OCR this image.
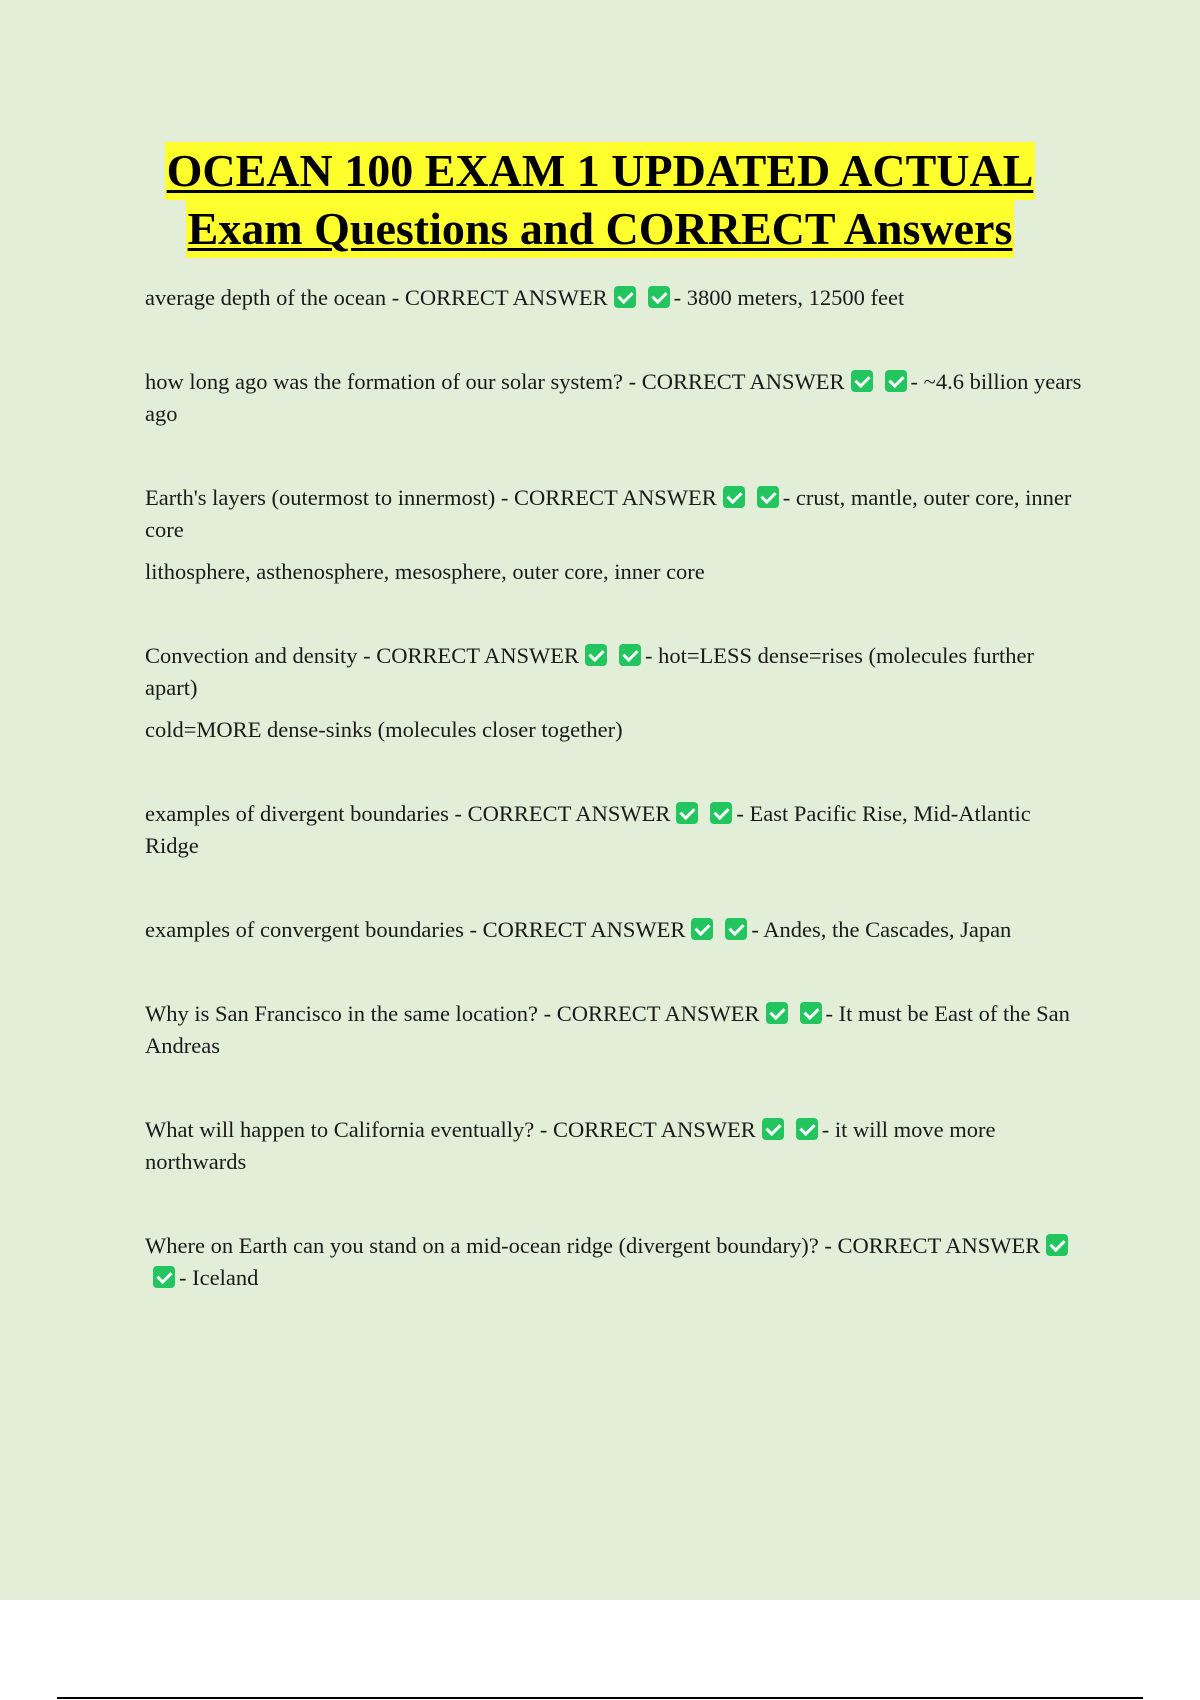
OCEAN 100 EXAM 1 UPDATED ACTUAL
Exam Questions and CORRECT Answers

average depth of the ocean - CORRECT ANSWER	- 3800 meters, 12500 feet

how long ago was the formation of our solar system? - CORRECT ANSWER	- ~4.6 billion years ago

Earth's layers (outermost to innermost) - CORRECT ANSWER	- crust, mantle, outer core, inner core

lithosphere, asthenosphere, mesosphere, outer core, inner core

Convection and density - CORRECT ANSWER	- hot=LESS dense=rises (molecules further apart)

cold=MORE dense-sinks (molecules closer together)

examples of divergent boundaries - CORRECT ANSWER	- East Pacific Rise, Mid-Atlantic Ridge

examples of convergent boundaries - CORRECT ANSWER	- Andes, the Cascades, Japan

Why is San Francisco in the same location? - CORRECT ANSWER	- It must be East of the San Andreas

What will happen to California eventually? - CORRECT ANSWER	- it will move more northwards

Where on Earth can you stand on a mid-ocean ridge (divergent boundary)? - CORRECT ANSWER- Iceland
